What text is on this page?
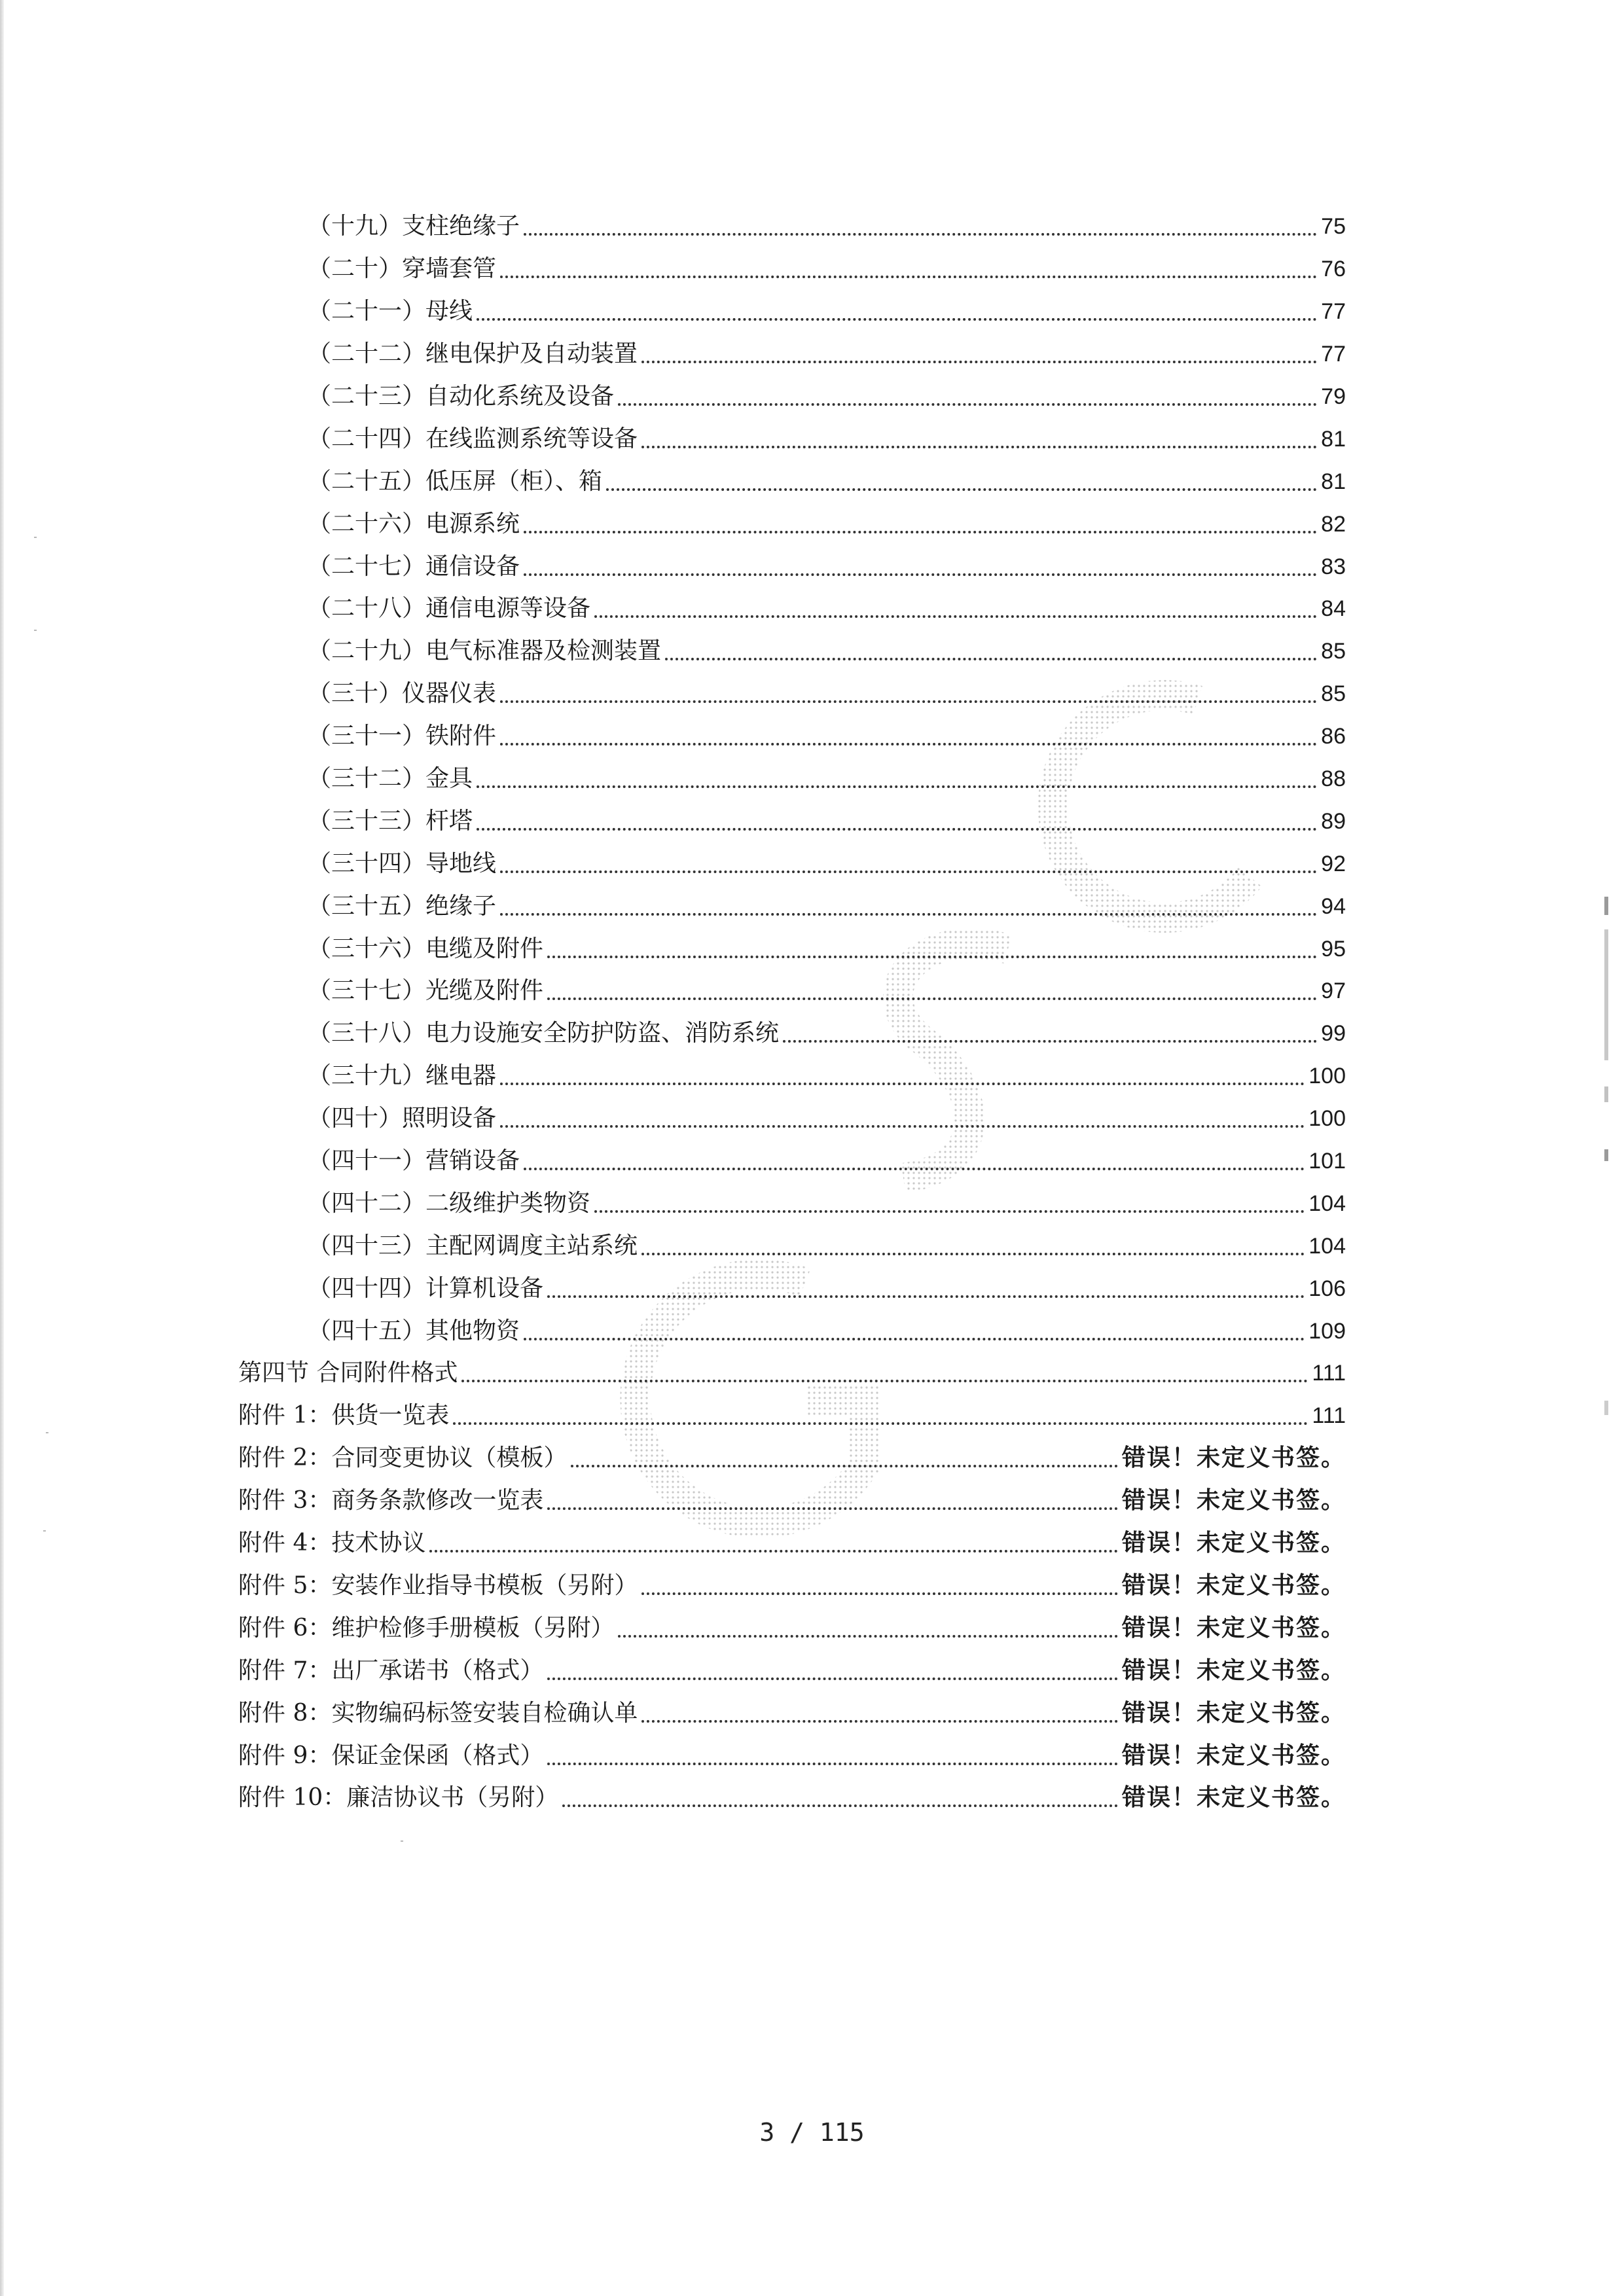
（十九）支柱绝缘子	75
（二十）穿墙套管	76
（二十一）母线	77
（二十二）继电保护及自动装置	77
（二十三）自动化系统及设备	79
（二十四）在线监测系统等设备	81
（二十五）低压屏（柜）、箱	81
（二十六）电源系统	82
（二十七）通信设备	83
（二十八）通信电源等设备	84
（二十九）电气标准器及检测装置	85
（三十）仪器仪表	85
（三十一）铁附件	86
（三十二）金具	88
（三十三）杆塔	89
（三十四）导地线	92
（三十五）绝缘子	94
（三十六）电缆及附件	95
（三十七）光缆及附件	97
（三十八）电力设施安全防护防盗、消防系统	99
（三十九）继电器	100
（四十）照明设备	100
（四十一）营销设备	101
（四十二）二级维护类物资	104
（四十三）主配网调度主站系统	104
（四十四）计算机设备	106
（四十五）其他物资	109
第四节 合同附件格式	111
附件 1：供货一览表	111
附件 2：合同变更协议（模板）	错误！未定义书签。
附件 3：商务条款修改一览表	错误！未定义书签。
附件 4：技术协议	错误！未定义书签。
附件 5：安装作业指导书模板（另附）	错误！未定义书签。
附件 6：维护检修手册模板（另附）	错误！未定义书签。
附件 7：出厂承诺书（格式）	错误！未定义书签。
附件 8：实物编码标签安装自检确认单	错误！未定义书签。
附件 9：保证金保函（格式）	错误！未定义书签。
附件 10：廉洁协议书（另附）	错误！未定义书签。
3 / 115
